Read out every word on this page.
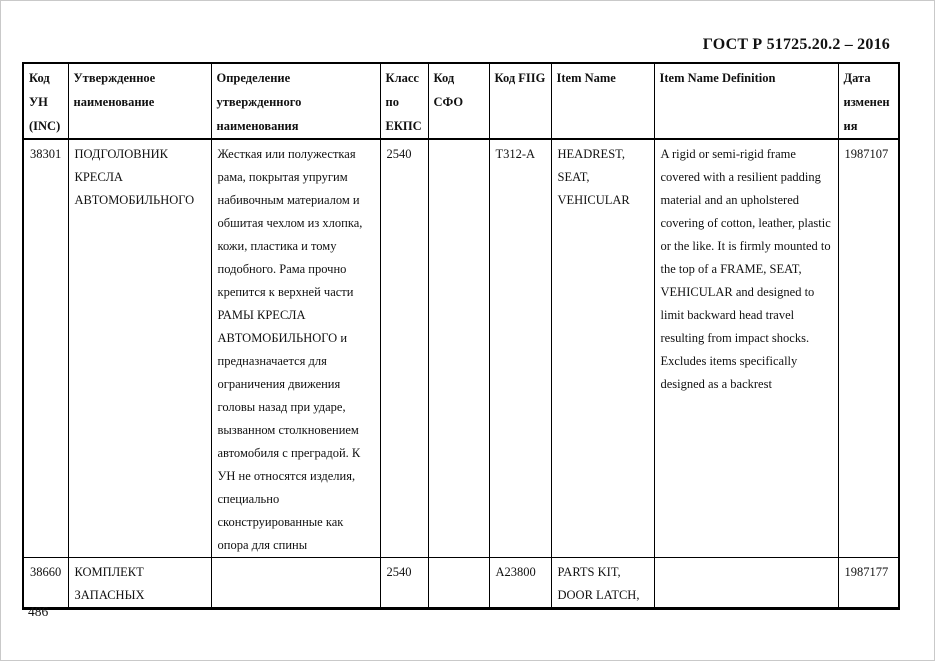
ГОСТ Р 51725.20.2 – 2016
Код УН (INC)	Утвержденное наименование	Определение утвержденного наименования	Класс по ЕКПС	Код СФО	Код FIIG	Item Name	Item Name Definition	Дата изменения
38301	ПОДГОЛОВНИК КРЕСЛА АВТОМОБИЛЬНОГО	Жесткая или полужесткая рама, покрытая упругим набивочным материалом и обшитая чехлом из хлопка, кожи, пластика и тому подобного. Рама прочно крепится к верхней части РАМЫ КРЕСЛА АВТОМОБИЛЬНОГО и предназначается для ограничения движения головы назад при ударе, вызванном столкновением автомобиля с преградой. К УН не относятся изделия, специально сконструированные как опора для спины	2540		T312-A	HEADREST, SEAT, VEHICULAR	A rigid or semi-rigid frame covered with a resilient padding material and an upholstered covering of cotton, leather, plastic or the like. It is firmly mounted to the top of a FRAME, SEAT, VEHICULAR and designed to limit backward head travel resulting from impact shocks. Excludes items specifically designed as a backrest	1987107
38660	КОМПЛЕКТ ЗАПАСНЫХ		2540		A23800	PARTS KIT, DOOR LATCH,		1987177
486
